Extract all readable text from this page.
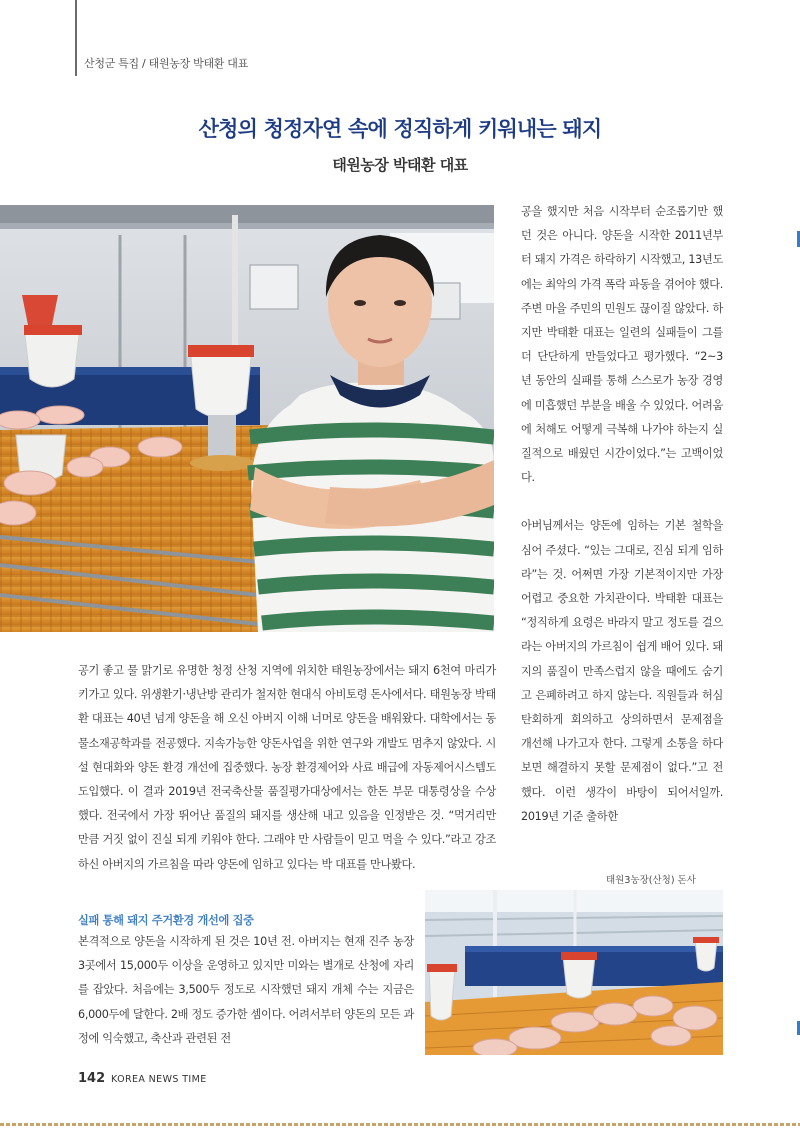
산청군 특집 / 태원농장 박태환 대표
산청의 청정자연 속에 정직하게 키워내는 돼지
태원농장 박태환 대표

공을 했지만 처음 시작부터 순조롭기만 했던 것은 아니다. 양돈을 시작한 2011년부터 돼지 가격은 하락하기 시작했고, 13년도에는 최악의 가격 폭락 파동을 겪어야 했다. 주변 마을 주민의 민원도 끊이질 않았다. 하지만 박태환 대표는 일련의 실패들이 그를 더 단단하게 만들었다고 평가했다. “2~3년 동안의 실패를 통해 스스로가 농장 경영에 미흡했던 부분을 배울 수 있었다. 어려움에 처해도 어떻게 극복해 나가야 하는지 실질적으로 배웠던 시간이었다.”는 고백이었다.

아버님께서는 양돈에 임하는 기본 철학을 심어 주셨다. “있는 그대로, 진심 되게 임하라”는 것. 어쩌면 가장 기본적이지만 가장 어렵고 중요한 가치관이다. 박태환 대표는 “정직하게 요령은 바라지 말고 정도를 걸으라는 아버지의 가르침이 쉽게 배어 있다. 돼지의 품질이 만족스럽지 않을 때에도 숨기고 은폐하려고 하지 않는다. 직원들과 허심탄회하게 회의하고 상의하면서 문제점을 개선해 나가고자 한다. 그렇게 소통을 하다보면 해결하지 못할 문제점이 없다.”고 전했다. 이런 생각이 바탕이 되어서일까. 2019년 기준 출하한

공기 좋고 물 맑기로 유명한 청정 산청 지역에 위치한 태원농장에서는 돼지 6천여 마리가 키가고 있다. 위생환기·냉난방 관리가 철저한 현대식 아비토령 돈사에서다. 태원농장 박태환 대표는 40년 넘게 양돈을 해 오신 아버지 이해 너머로 양돈을 배워왔다. 대학에서는 동물소재공학과를 전공했다. 지속가능한 양돈사업을 위한 연구와 개발도 멈추지 않았다. 시설 현대화와 양돈 환경 개선에 집중했다. 농장 환경제어와 사료 배급에 자동제어시스템도 도입했다. 이 결과 2019년 전국축산물 품질평가대상에서는 한돈 부문 대통령상을 수상 했다. 전국에서 가장 뛰어난 품질의 돼지를 생산해 내고 있음을 인정받은 것. “먹거리만 만큼 거짓 없이 진실 되게 키워야 한다. 그래야 만 사람들이 믿고 먹을 수 있다.”라고 강조하신 아버지의 가르침을 따라 양돈에 임하고 있다는 박 대표를 만나봤다.

태원3농장(산청) 돈사
실패 통해 돼지 주거환경 개선에 집중

본격적으로 양돈을 시작하게 된 것은 10년 전. 아버지는 현재 진주 농장 3곳에서 15,000두 이상을 운영하고 있지만 미와는 별개로 산청에 자리를 잡았다. 처음에는 3,500두 정도로 시작했던 돼지 개체 수는 지금은 6,000두에 달한다. 2배 정도 증가한 셈이다. 어려서부터 양돈의 모든 과정에 익숙했고, 축산과 관련된 전

142 KOREA NEWS TIME
